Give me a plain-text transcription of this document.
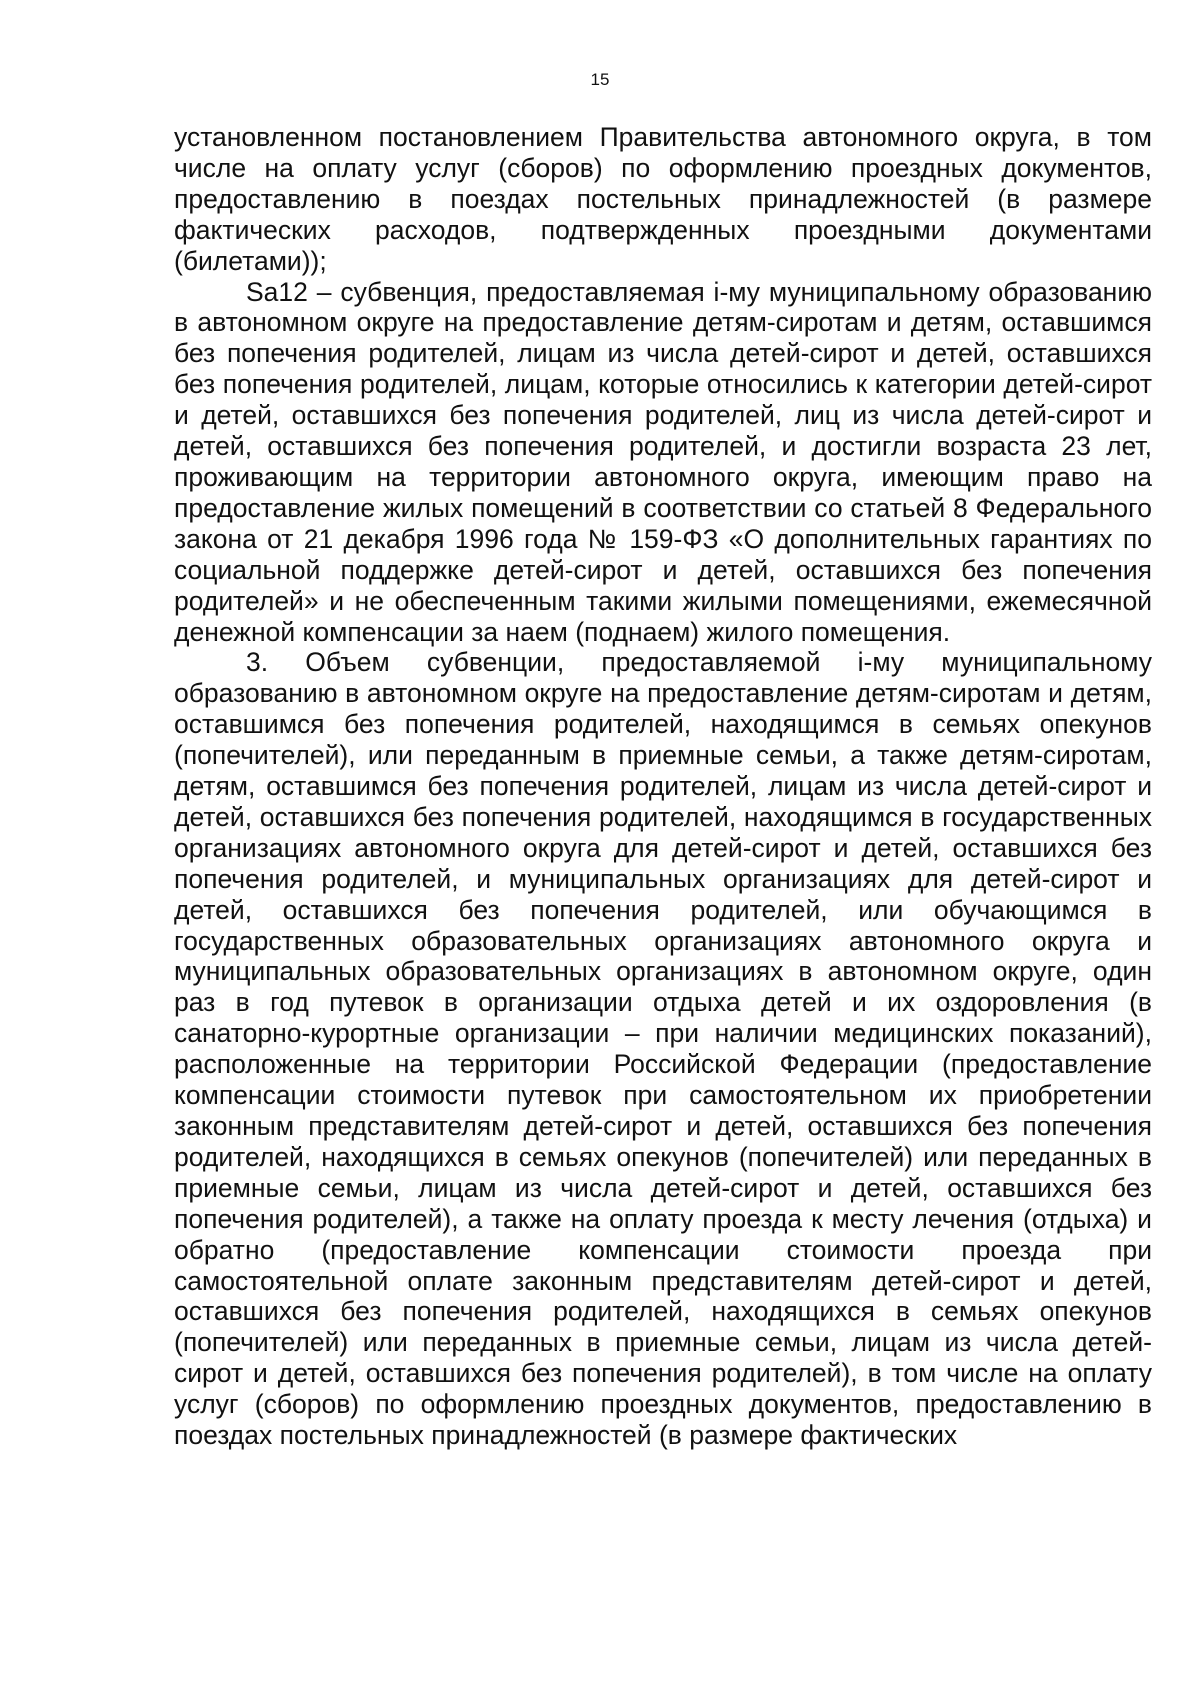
15

установленном постановлением Правительства автономного округа, в том числе на оплату услуг (сборов) по оформлению проездных документов, предоставлению в поездах постельных принадлежностей (в размере фактических расходов, подтвержденных проездными документами (билетами));

Sa12 – субвенция, предоставляемая i-му муниципальному образованию в автономном округе на предоставление детям-сиротам и детям, оставшимся без попечения родителей, лицам из числа детей-сирот и детей, оставшихся без попечения родителей, лицам, которые относились к категории детей-сирот и детей, оставшихся без попечения родителей, лиц из числа детей-сирот и детей, оставшихся без попечения родителей, и достигли возраста 23 лет, проживающим на территории автономного округа, имеющим право на предоставление жилых помещений в соответствии со статьей 8 Федерального закона от 21 декабря 1996 года № 159-ФЗ «О дополнительных гарантиях по социальной поддержке детей-сирот и детей, оставшихся без попечения родителей» и не обеспеченным такими жилыми помещениями, ежемесячной денежной компенсации за наем (поднаем) жилого помещения.

3. Объем субвенции, предоставляемой i-му муниципальному образованию в автономном округе на предоставление детям-сиротам и детям, оставшимся без попечения родителей, находящимся в семьях опекунов (попечителей), или переданным в приемные семьи, а также детям-сиротам, детям, оставшимся без попечения родителей, лицам из числа детей-сирот и детей, оставшихся без попечения родителей, находящимся в государственных организациях автономного округа для детей-сирот и детей, оставшихся без попечения родителей, и муниципальных организациях для детей-сирот и детей, оставшихся без попечения родителей, или обучающимся в государственных образовательных организациях автономного округа и муниципальных образовательных организациях в автономном округе, один раз в год путевок в организации отдыха детей и их оздоровления (в санаторно-курортные организации – при наличии медицинских показаний), расположенные на территории Российской Федерации (предоставление компенсации стоимости путевок при самостоятельном их приобретении законным представителям детей-сирот и детей, оставшихся без попечения родителей, находящихся в семьях опекунов (попечителей) или переданных в приемные семьи, лицам из числа детей-сирот и детей, оставшихся без попечения родителей), а также на оплату проезда к месту лечения (отдыха) и обратно (предоставление компенсации стоимости проезда при самостоятельной оплате законным представителям детей-сирот и детей, оставшихся без попечения родителей, находящихся в семьях опекунов (попечителей) или переданных в приемные семьи, лицам из числа детей-сирот и детей, оставшихся без попечения родителей), в том числе на оплату услуг (сборов) по оформлению проездных документов, предоставлению в поездах постельных принадлежностей (в размере фактических
